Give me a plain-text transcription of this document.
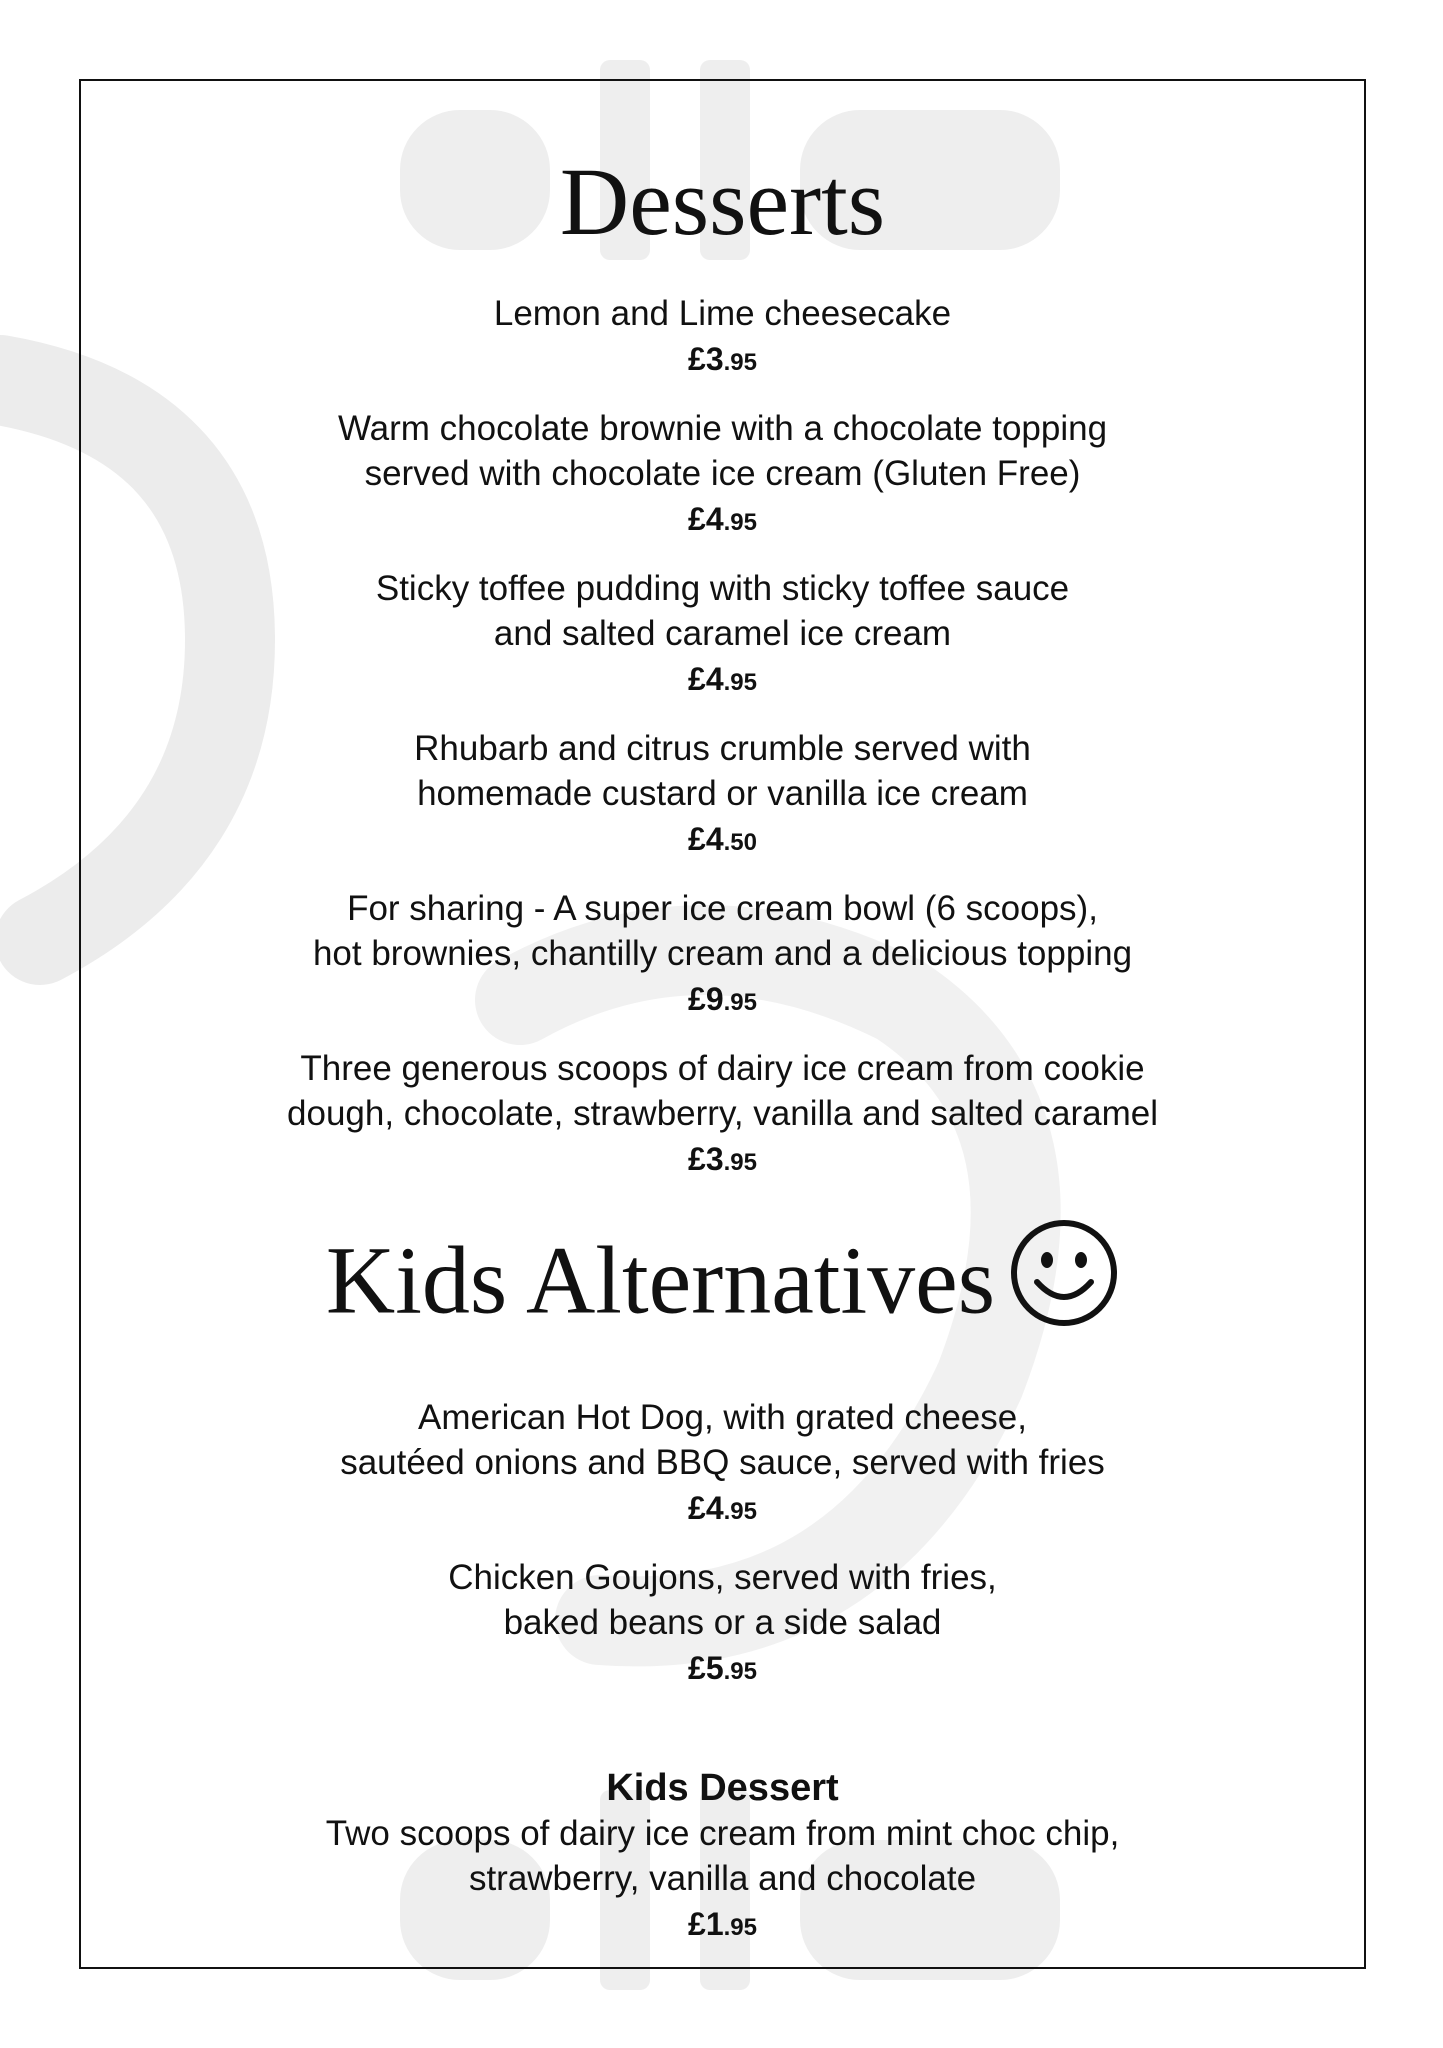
Desserts
Lemon and Lime cheesecake
£3.95
Warm chocolate brownie with a chocolate topping
served with chocolate ice cream (Gluten Free)
£4.95
Sticky toffee pudding with sticky toffee sauce
and salted caramel ice cream
£4.95
Rhubarb and citrus crumble served with
homemade custard or vanilla ice cream
£4.50
For sharing - A super ice cream bowl (6 scoops),
hot brownies, chantilly cream and a delicious topping
£9.95
Three generous scoops of dairy ice cream from cookie
dough, chocolate, strawberry, vanilla and salted caramel
£3.95
Kids Alternatives
American Hot Dog, with grated cheese,
sautéed onions and BBQ sauce, served with fries
£4.95
Chicken Goujons, served with fries,
baked beans or a side salad
£5.95
Kids Dessert
Two scoops of dairy ice cream from mint choc chip,
strawberry, vanilla and chocolate
£1.95
